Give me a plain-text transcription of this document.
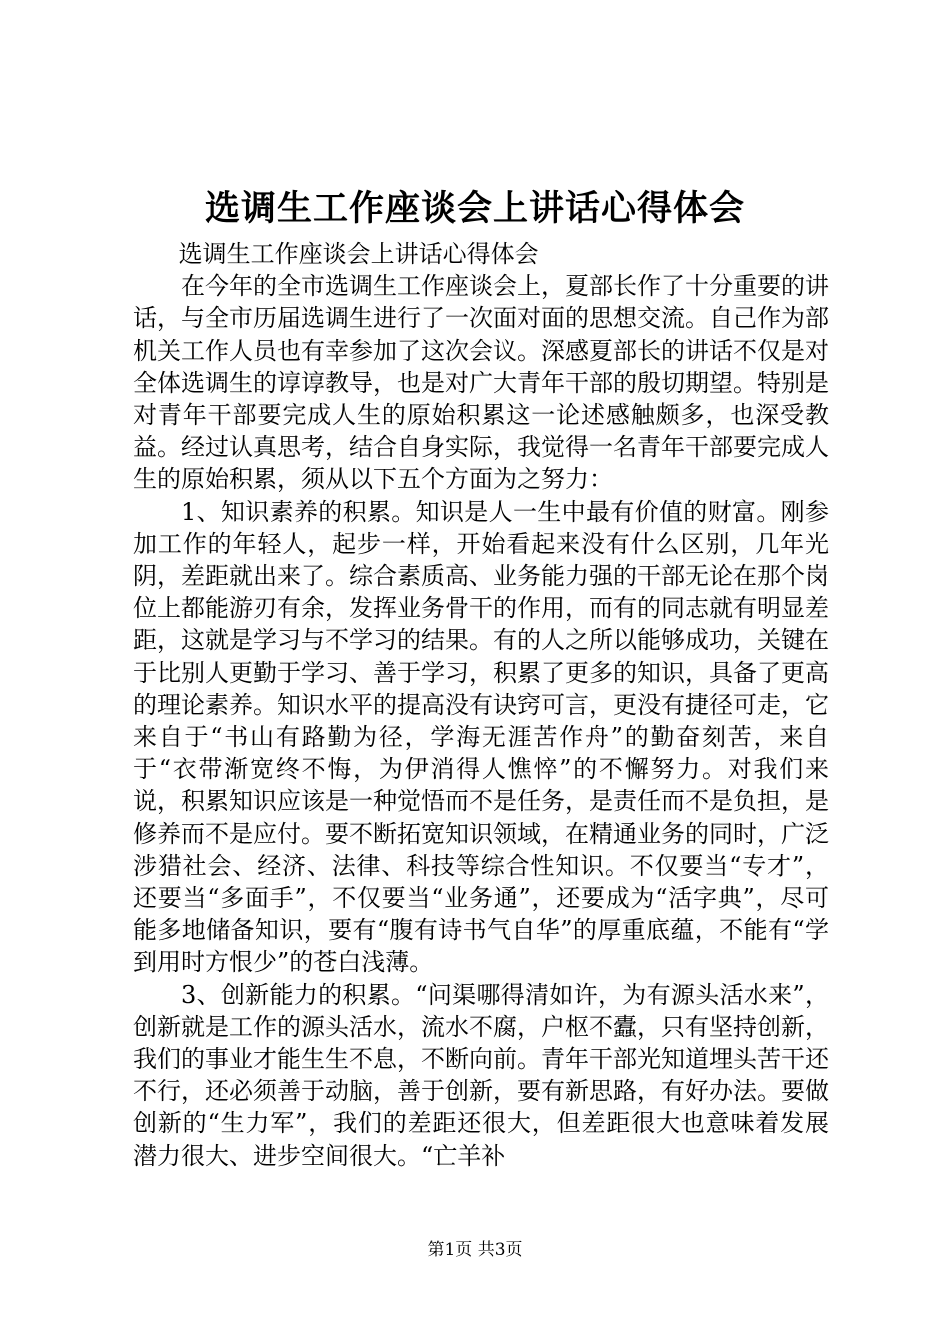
选调生工作座谈会上讲话心得体会

选调生工作座谈会上讲话心得体会

在今年的全市选调生工作座谈会上，夏部长作了十分重要的讲话，与全市历届选调生进行了一次面对面的思想交流。自己作为部机关工作人员也有幸参加了这次会议。深感夏部长的讲话不仅是对全体选调生的谆谆教导，也是对广大青年干部的殷切期望。特别是对青年干部要完成人生的原始积累这一论述感触颇多，也深受教益。经过认真思考，结合自身实际，我觉得一名青年干部要完成人生的原始积累，须从以下五个方面为之努力：

1、知识素养的积累。知识是人一生中最有价值的财富。刚参加工作的年轻人，起步一样，开始看起来没有什么区别，几年光阴，差距就出来了。综合素质高、业务能力强的干部无论在那个岗位上都能游刃有余，发挥业务骨干的作用，而有的同志就有明显差距，这就是学习与不学习的结果。有的人之所以能够成功，关键在于比别人更勤于学习、善于学习，积累了更多的知识，具备了更高的理论素养。知识水平的提高没有诀窍可言，更没有捷径可走，它来自于“书山有路勤为径，学海无涯苦作舟”的勤奋刻苦，来自于“衣带渐宽终不悔，为伊消得人憔悴”的不懈努力。对我们来说，积累知识应该是一种觉悟而不是任务，是责任而不是负担，是修养而不是应付。要不断拓宽知识领域，在精通业务的同时，广泛涉猎社会、经济、法律、科技等综合性知识。不仅要当“专才”，还要当“多面手”，不仅要当“业务通”，还要成为“活字典”，尽可能多地储备知识，要有“腹有诗书气自华”的厚重底蕴，不能有“学到用时方恨少”的苍白浅薄。

3、创新能力的积累。“问渠哪得清如许，为有源头活水来”，创新就是工作的源头活水，流水不腐，户枢不蠹，只有坚持创新，我们的事业才能生生不息，不断向前。青年干部光知道埋头苦干还不行，还必须善于动脑，善于创新，要有新思路，有好办法。要做创新的“生力军”，我们的差距还很大，但差距很大也意味着发展潜力很大、进步空间很大。“亡羊补

第1页 共3页
